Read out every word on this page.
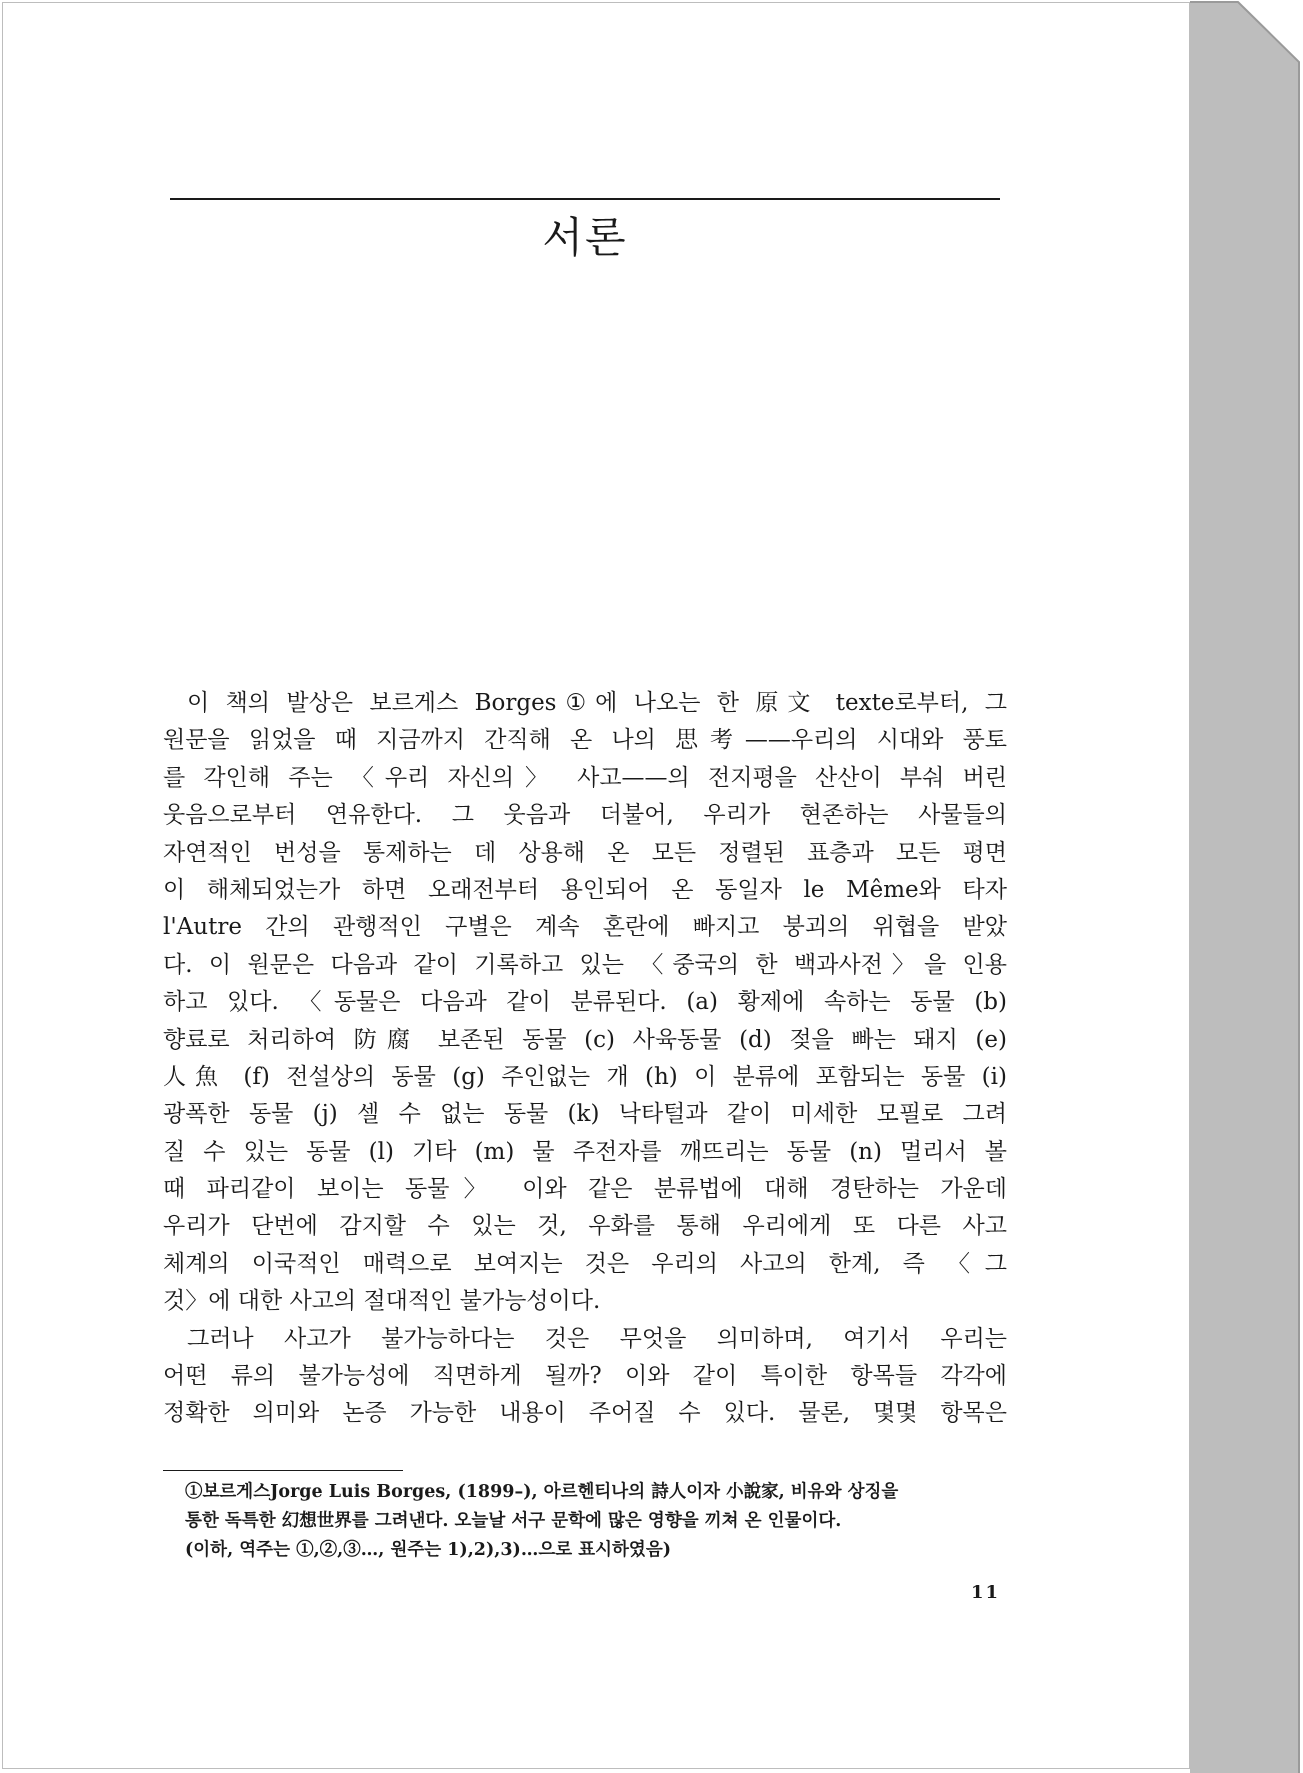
서론
이 책의 발상은 보르게스 Borges①에 나오는 한 原文 texte로부터, 그
원문을 읽었을 때 지금까지 간직해 온 나의 思考——우리의 시대와 풍토
를 각인해 주는 〈우리 자신의〉 사고——의 전지평을 산산이 부숴 버린
웃음으로부터 연유한다. 그 웃음과 더불어, 우리가 현존하는 사물들의
자연적인 번성을 통제하는 데 상용해 온 모든 정렬된 표층과 모든 평면
이 해체되었는가 하면 오래전부터 용인되어 온 동일자 le Même와 타자
l'Autre 간의 관행적인 구별은 계속 혼란에 빠지고 붕괴의 위협을 받았
다. 이 원문은 다음과 같이 기록하고 있는 〈중국의 한 백과사전〉을 인용
하고 있다. 〈동물은 다음과 같이 분류된다. (a) 황제에 속하는 동물 (b)
향료로 처리하여 防腐 보존된 동물 (c) 사육동물 (d) 젖을 빠는 돼지 (e)
人魚 (f) 전설상의 동물 (g) 주인없는 개 (h) 이 분류에 포함되는 동물 (i)
광폭한 동물 (j) 셀 수 없는 동물 (k) 낙타털과 같이 미세한 모필로 그려
질 수 있는 동물 (l) 기타 (m) 물 주전자를 깨뜨리는 동물 (n) 멀리서 볼
때 파리같이 보이는 동물〉 이와 같은 분류법에 대해 경탄하는 가운데
우리가 단번에 감지할 수 있는 것, 우화를 통해 우리에게 또 다른 사고
체계의 이국적인 매력으로 보여지는 것은 우리의 사고의 한계, 즉 〈그
것〉에 대한 사고의 절대적인 불가능성이다.
그러나 사고가 불가능하다는 것은 무엇을 의미하며, 여기서 우리는
어떤 류의 불가능성에 직면하게 될까? 이와 같이 특이한 항목들 각각에
정확한 의미와 논증 가능한 내용이 주어질 수 있다. 물론, 몇몇 항목은
①보르게스Jorge Luis Borges, (1899–), 아르헨티나의 詩人이자 小說家, 비유와 상징을
통한 독특한 幻想世界를 그려낸다. 오늘날 서구 문학에 많은 영향을 끼쳐 온 인물이다.
(이하, 역주는 ①,②,③…, 원주는 1),2),3)…으로 표시하였음)
11
